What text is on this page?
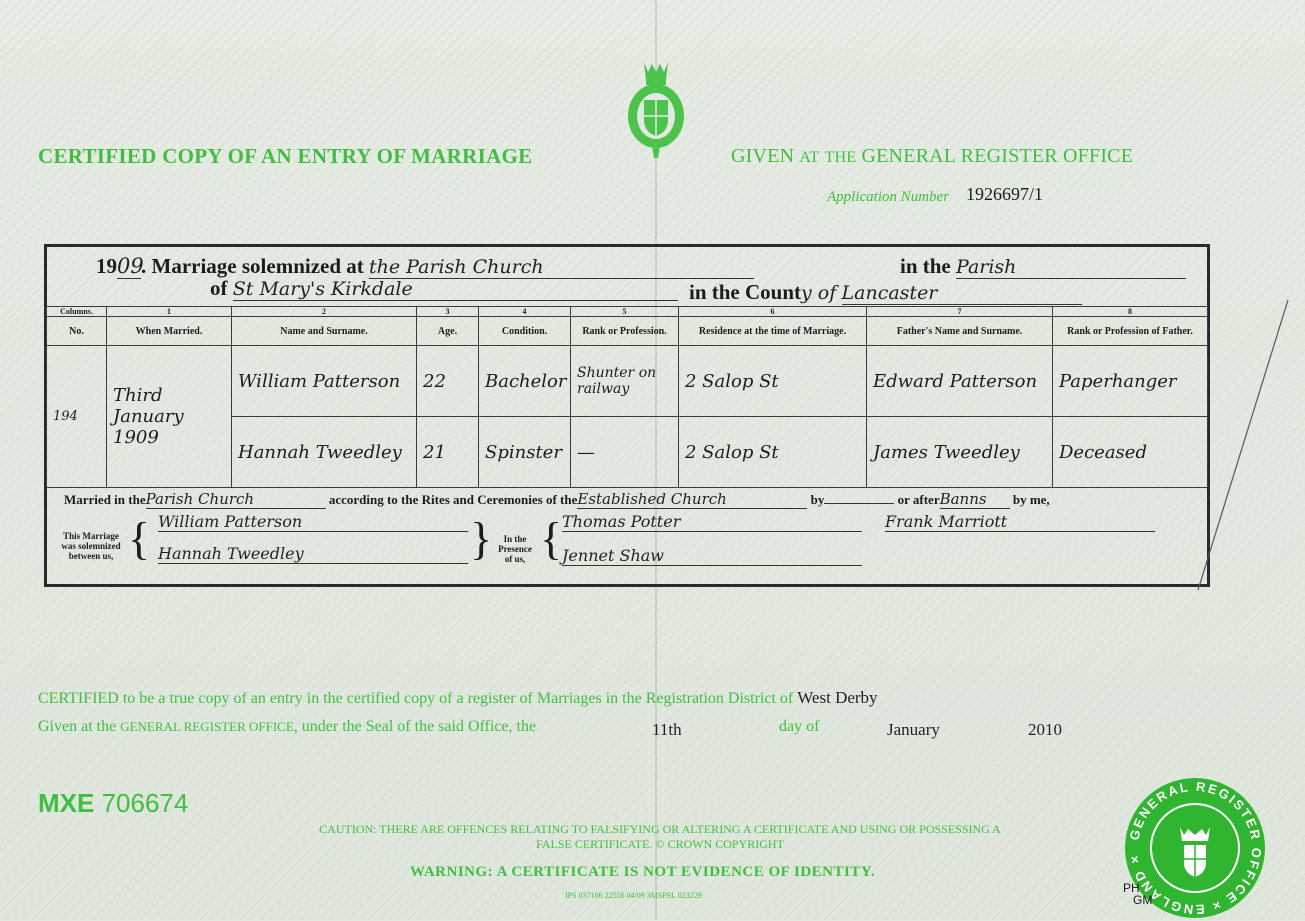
CERTIFIED COPY OF AN ENTRY OF MARRIAGE	GIVEN AT THE GENERAL REGISTER OFFICE
Application Number 1926697/1
1909. Marriage solemnized at the Parish Church	in the Parish
of St Mary's Kirkdale	in the County of Lancaster
Columns.	1	2	3	4	5	6	7	8
No.	When Married.	Name and Surname.	Age.	Condition.	Rank or Profession.	Residence at the time of Marriage.	Father's Name and Surname.	Rank or Profession of Father.
194	Third January 1909	William Patterson	22	Bachelor	Shunter on railway	2 Salop St	Edward Patterson	Paperhanger
		Hannah Tweedley	21	Spinster	—	2 Salop St	James Tweedley	Deceased
Married in theParish Church	according to the Rites and Ceremonies of theEstablished Church	by	or afterBanns by me,
This Marriage
was solemnized
between us, { William Patterson
Hannah Tweedley	}	In the
Presence
of us, { Thomas Potter
Jennet Shaw
Frank Marriott
CERTIFIED to be a true copy of an entry in the certified copy of a register of Marriages in the Registration District of West Derby
Given at the GENERAL REGISTER OFFICE, under the Seal of the said Office, the	11th	day of	January	2010
MXE 706674
CAUTION: THERE ARE OFFENCES RELATING TO FALSIFYING OR ALTERING A CERTIFICATE AND USING OR POSSESSING A
FALSE CERTIFICATE. © CROWN COPYRIGHT
WARNING: A CERTIFICATE IS NOT EVIDENCE OF IDENTITY.
IPS 037106 22556 04/09 3MSPSL 023229
GENERAL REGISTER OFFICE × ENGLAND ×
PH
GM
